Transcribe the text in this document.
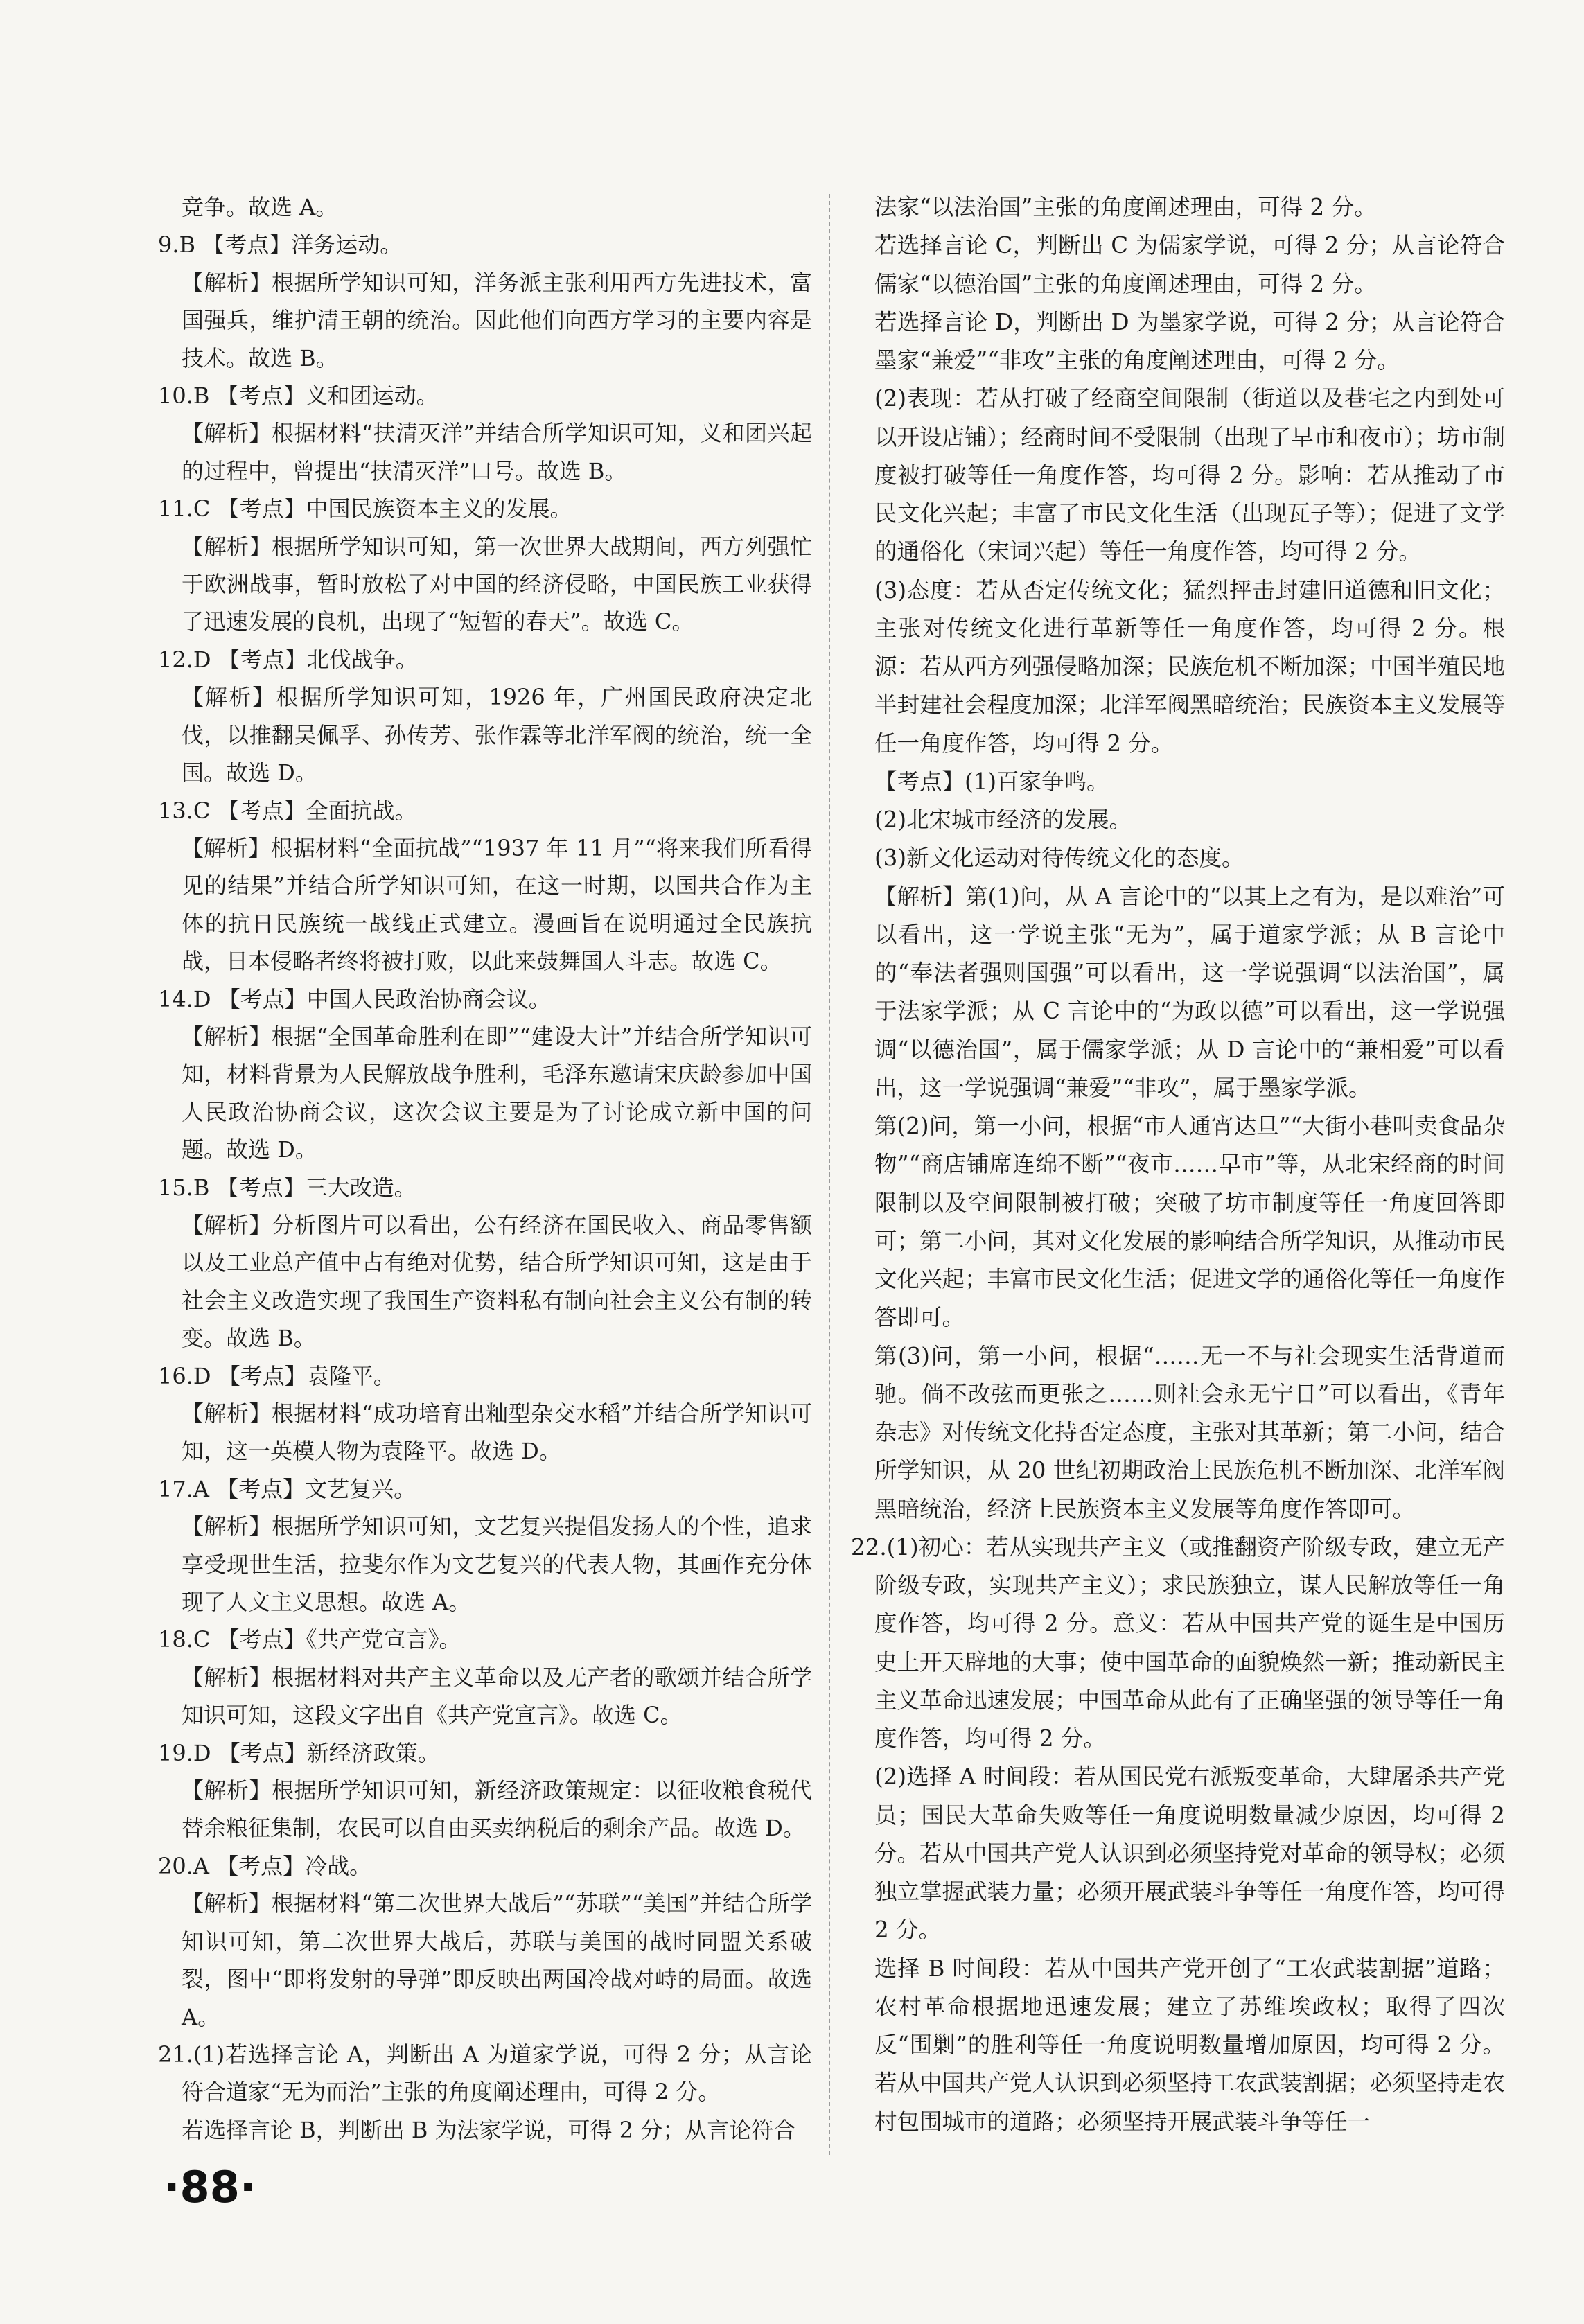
竞争。故选 A。

9.B 【考点】洋务运动。

【解析】根据所学知识可知，洋务派主张利用西方先进技术，富国强兵，维护清王朝的统治。因此他们向西方学习的主要内容是技术。故选 B。

10.B 【考点】义和团运动。

【解析】根据材料“扶清灭洋”并结合所学知识可知，义和团兴起的过程中，曾提出“扶清灭洋”口号。故选 B。

11.C 【考点】中国民族资本主义的发展。

【解析】根据所学知识可知，第一次世界大战期间，西方列强忙于欧洲战事，暂时放松了对中国的经济侵略，中国民族工业获得了迅速发展的良机，出现了“短暂的春天”。故选 C。

12.D 【考点】北伐战争。

【解析】根据所学知识可知，1926 年，广州国民政府决定北伐，以推翻吴佩孚、孙传芳、张作霖等北洋军阀的统治，统一全国。故选 D。

13.C 【考点】全面抗战。

【解析】根据材料“全面抗战”“1937 年 11 月”“将来我们所看得见的结果”并结合所学知识可知，在这一时期，以国共合作为主体的抗日民族统一战线正式建立。漫画旨在说明通过全民族抗战，日本侵略者终将被打败，以此来鼓舞国人斗志。故选 C。

14.D 【考点】中国人民政治协商会议。

【解析】根据“全国革命胜利在即”“建设大计”并结合所学知识可知，材料背景为人民解放战争胜利，毛泽东邀请宋庆龄参加中国人民政治协商会议，这次会议主要是为了讨论成立新中国的问题。故选 D。

15.B 【考点】三大改造。

【解析】分析图片可以看出，公有经济在国民收入、商品零售额以及工业总产值中占有绝对优势，结合所学知识可知，这是由于社会主义改造实现了我国生产资料私有制向社会主义公有制的转变。故选 B。

16.D 【考点】袁隆平。

【解析】根据材料“成功培育出籼型杂交水稻”并结合所学知识可知，这一英模人物为袁隆平。故选 D。

17.A 【考点】文艺复兴。

【解析】根据所学知识可知，文艺复兴提倡发扬人的个性，追求享受现世生活，拉斐尔作为文艺复兴的代表人物，其画作充分体现了人文主义思想。故选 A。

18.C 【考点】《共产党宣言》。

【解析】根据材料对共产主义革命以及无产者的歌颂并结合所学知识可知，这段文字出自《共产党宣言》。故选 C。

19.D 【考点】新经济政策。

【解析】根据所学知识可知，新经济政策规定：以征收粮食税代替余粮征集制，农民可以自由买卖纳税后的剩余产品。故选 D。

20.A 【考点】冷战。

【解析】根据材料“第二次世界大战后”“苏联”“美国”并结合所学知识可知，第二次世界大战后，苏联与美国的战时同盟关系破裂，图中“即将发射的导弹”即反映出两国冷战对峙的局面。故选 A。

21.(1)若选择言论 A，判断出 A 为道家学说，可得 2 分；从言论符合道家“无为而治”主张的角度阐述理由，可得 2 分。

若选择言论 B，判断出 B 为法家学说，可得 2 分；从言论符合

法家“以法治国”主张的角度阐述理由，可得 2 分。

若选择言论 C，判断出 C 为儒家学说，可得 2 分；从言论符合儒家“以德治国”主张的角度阐述理由，可得 2 分。

若选择言论 D，判断出 D 为墨家学说，可得 2 分；从言论符合墨家“兼爱”“非攻”主张的角度阐述理由，可得 2 分。

(2)表现：若从打破了经商空间限制（街道以及巷宅之内到处可以开设店铺）；经商时间不受限制（出现了早市和夜市）；坊市制度被打破等任一角度作答，均可得 2 分。影响：若从推动了市民文化兴起；丰富了市民文化生活（出现瓦子等）；促进了文学的通俗化（宋词兴起）等任一角度作答，均可得 2 分。

(3)态度：若从否定传统文化；猛烈抨击封建旧道德和旧文化；主张对传统文化进行革新等任一角度作答，均可得 2 分。根源：若从西方列强侵略加深；民族危机不断加深；中国半殖民地半封建社会程度加深；北洋军阀黑暗统治；民族资本主义发展等任一角度作答，均可得 2 分。

【考点】(1)百家争鸣。

(2)北宋城市经济的发展。

(3)新文化运动对待传统文化的态度。

【解析】第(1)问，从 A 言论中的“以其上之有为，是以难治”可以看出，这一学说主张“无为”，属于道家学派；从 B 言论中的“奉法者强则国强”可以看出，这一学说强调“以法治国”，属于法家学派；从 C 言论中的“为政以德”可以看出，这一学说强调“以德治国”，属于儒家学派；从 D 言论中的“兼相爱”可以看出，这一学说强调“兼爱”“非攻”，属于墨家学派。

第(2)问，第一小问，根据“市人通宵达旦”“大街小巷叫卖食品杂物”“商店铺席连绵不断”“夜市……早市”等，从北宋经商的时间限制以及空间限制被打破；突破了坊市制度等任一角度回答即可；第二小问，其对文化发展的影响结合所学知识，从推动市民文化兴起；丰富市民文化生活；促进文学的通俗化等任一角度作答即可。

第(3)问，第一小问，根据“……无一不与社会现实生活背道而驰。倘不改弦而更张之……则社会永无宁日”可以看出，《青年杂志》对传统文化持否定态度，主张对其革新；第二小问，结合所学知识，从 20 世纪初期政治上民族危机不断加深、北洋军阀黑暗统治，经济上民族资本主义发展等角度作答即可。

22.(1)初心：若从实现共产主义（或推翻资产阶级专政，建立无产阶级专政，实现共产主义）；求民族独立，谋人民解放等任一角度作答，均可得 2 分。意义：若从中国共产党的诞生是中国历史上开天辟地的大事；使中国革命的面貌焕然一新；推动新民主主义革命迅速发展；中国革命从此有了正确坚强的领导等任一角度作答，均可得 2 分。

(2)选择 A 时间段：若从国民党右派叛变革命，大肆屠杀共产党员；国民大革命失败等任一角度说明数量减少原因，均可得 2 分。若从中国共产党人认识到必须坚持党对革命的领导权；必须独立掌握武装力量；必须开展武装斗争等任一角度作答，均可得 2 分。

选择 B 时间段：若从中国共产党开创了“工农武装割据”道路；农村革命根据地迅速发展；建立了苏维埃政权；取得了四次反“围剿”的胜利等任一角度说明数量增加原因，均可得 2 分。若从中国共产党人认识到必须坚持工农武装割据；必须坚持走农村包围城市的道路；必须坚持开展武装斗争等任一

·88·
